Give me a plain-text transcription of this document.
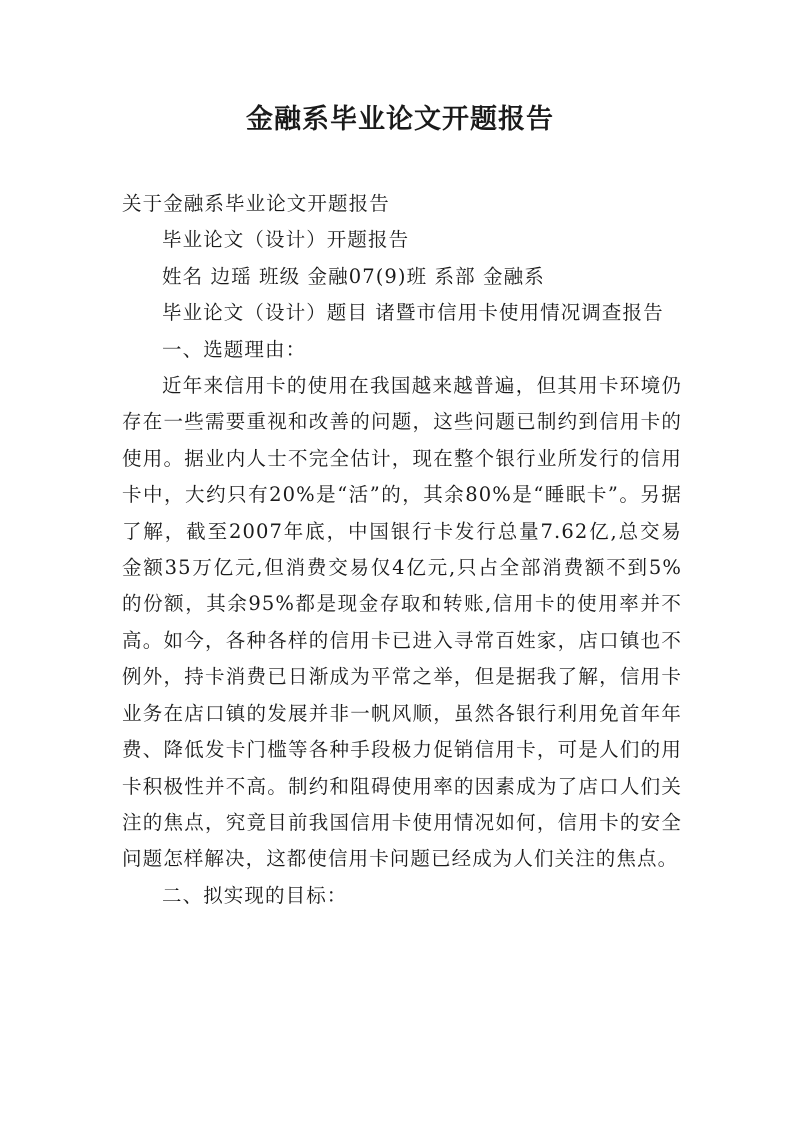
金融系毕业论文开题报告

关于金融系毕业论文开题报告

毕业论文（设计）开题报告

姓名 边瑶 班级 金融07(9)班 系部 金融系

毕业论文（设计）题目 诸暨市信用卡使用情况调查报告

一、选题理由：

近年来信用卡的使用在我国越来越普遍，但其用卡环境仍存在一些需要重视和改善的问题，这些问题已制约到信用卡的使用。据业内人士不完全估计，现在整个银行业所发行的信用卡中，大约只有20%是“活”的，其余80%是“睡眠卡”。另据了解，截至2007年底，中国银行卡发行总量7.62亿,总交易金额35万亿元,但消费交易仅4亿元,只占全部消费额不到5%的份额，其余95%都是现金存取和转账,信用卡的使用率并不高。如今，各种各样的信用卡已进入寻常百姓家，店口镇也不例外，持卡消费已日渐成为平常之举，但是据我了解，信用卡业务在店口镇的发展并非一帆风顺，虽然各银行利用免首年年费、降低发卡门槛等各种手段极力促销信用卡，可是人们的用卡积极性并不高。制约和阻碍使用率的因素成为了店口人们关注的焦点，究竟目前我国信用卡使用情况如何，信用卡的安全问题怎样解决，这都使信用卡问题已经成为人们关注的焦点。

二、拟实现的目标：
